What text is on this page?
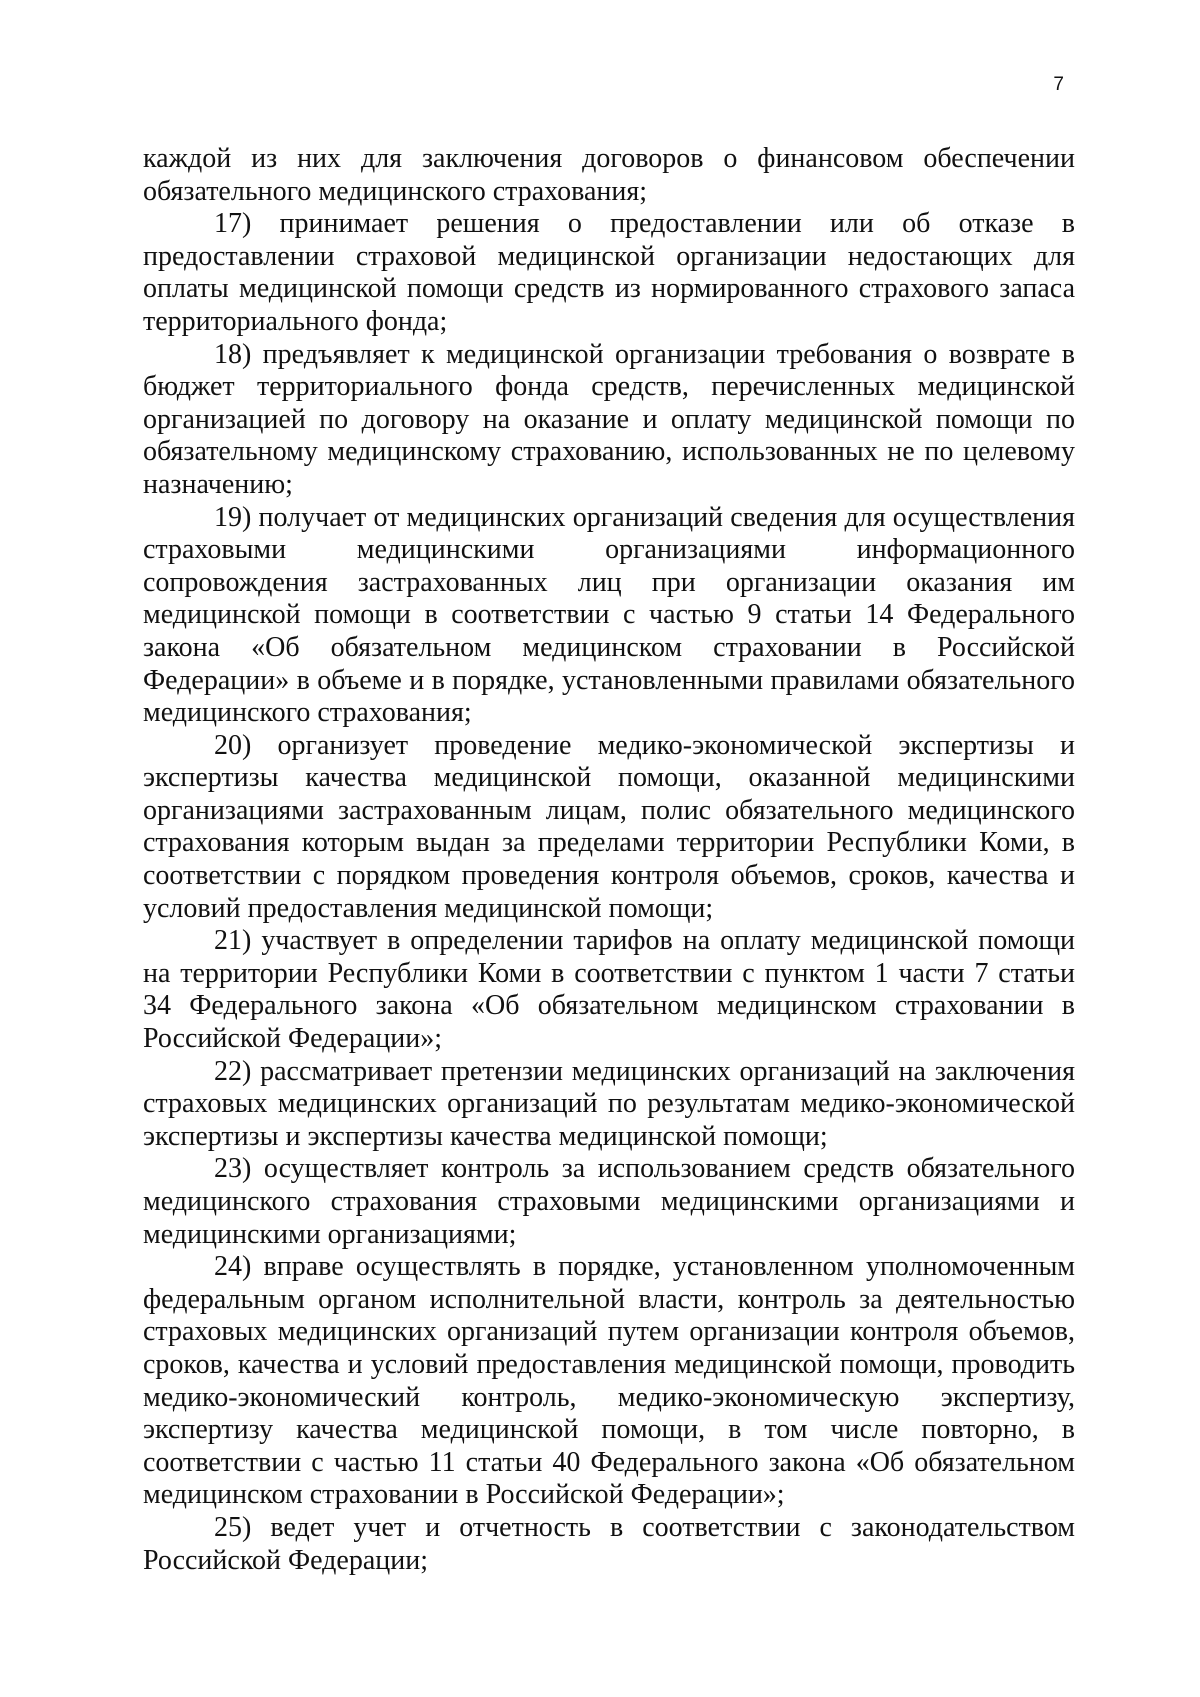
7

каждой из них для заключения договоров о финансовом обеспечении обязательного медицинского страхования;

17) принимает решения о предоставлении или об отказе в предоставлении страховой медицинской организации недостающих для оплаты медицинской помощи средств из нормированного страхового запаса территориального фонда;

18) предъявляет к медицинской организации требования о возврате в бюджет территориального фонда средств, перечисленных медицинской организацией по договору на оказание и оплату медицинской помощи по обязательному медицинскому страхованию, использованных не по целевому назначению;

19) получает от медицинских организаций сведения для осуществления страховыми медицинскими организациями информационного сопровождения застрахованных лиц при организации оказания им медицинской помощи в соответствии с частью 9 статьи 14 Федерального закона «Об обязательном медицинском страховании в Российской Федерации» в объеме и в порядке, установленными правилами обязательного медицинского страхования;

20) организует проведение медико-экономической экспертизы и экспертизы качества медицинской помощи, оказанной медицинскими организациями застрахованным лицам, полис обязательного медицинского страхования которым выдан за пределами территории Республики Коми, в соответствии с порядком проведения контроля объемов, сроков, качества и условий предоставления медицинской помощи;

21) участвует в определении тарифов на оплату медицинской помощи на территории Республики Коми в соответствии с пунктом 1 части 7 статьи 34 Федерального закона «Об обязательном медицинском страховании в Российской Федерации»;

22) рассматривает претензии медицинских организаций на заключения страховых медицинских организаций по результатам медико-экономической экспертизы и экспертизы качества медицинской помощи;

23) осуществляет контроль за использованием средств обязательного медицинского страхования страховыми медицинскими организациями и медицинскими организациями;

24) вправе осуществлять в порядке, установленном уполномоченным федеральным органом исполнительной власти, контроль за деятельностью страховых медицинских организаций путем организации контроля объемов, сроков, качества и условий предоставления медицинской помощи, проводить медико-экономический контроль, медико-экономическую экспертизу, экспертизу качества медицинской помощи, в том числе повторно, в соответствии с частью 11 статьи 40 Федерального закона «Об обязательном медицинском страховании в Российской Федерации»;

25) ведет учет и отчетность в соответствии с законодательством Российской Федерации;
